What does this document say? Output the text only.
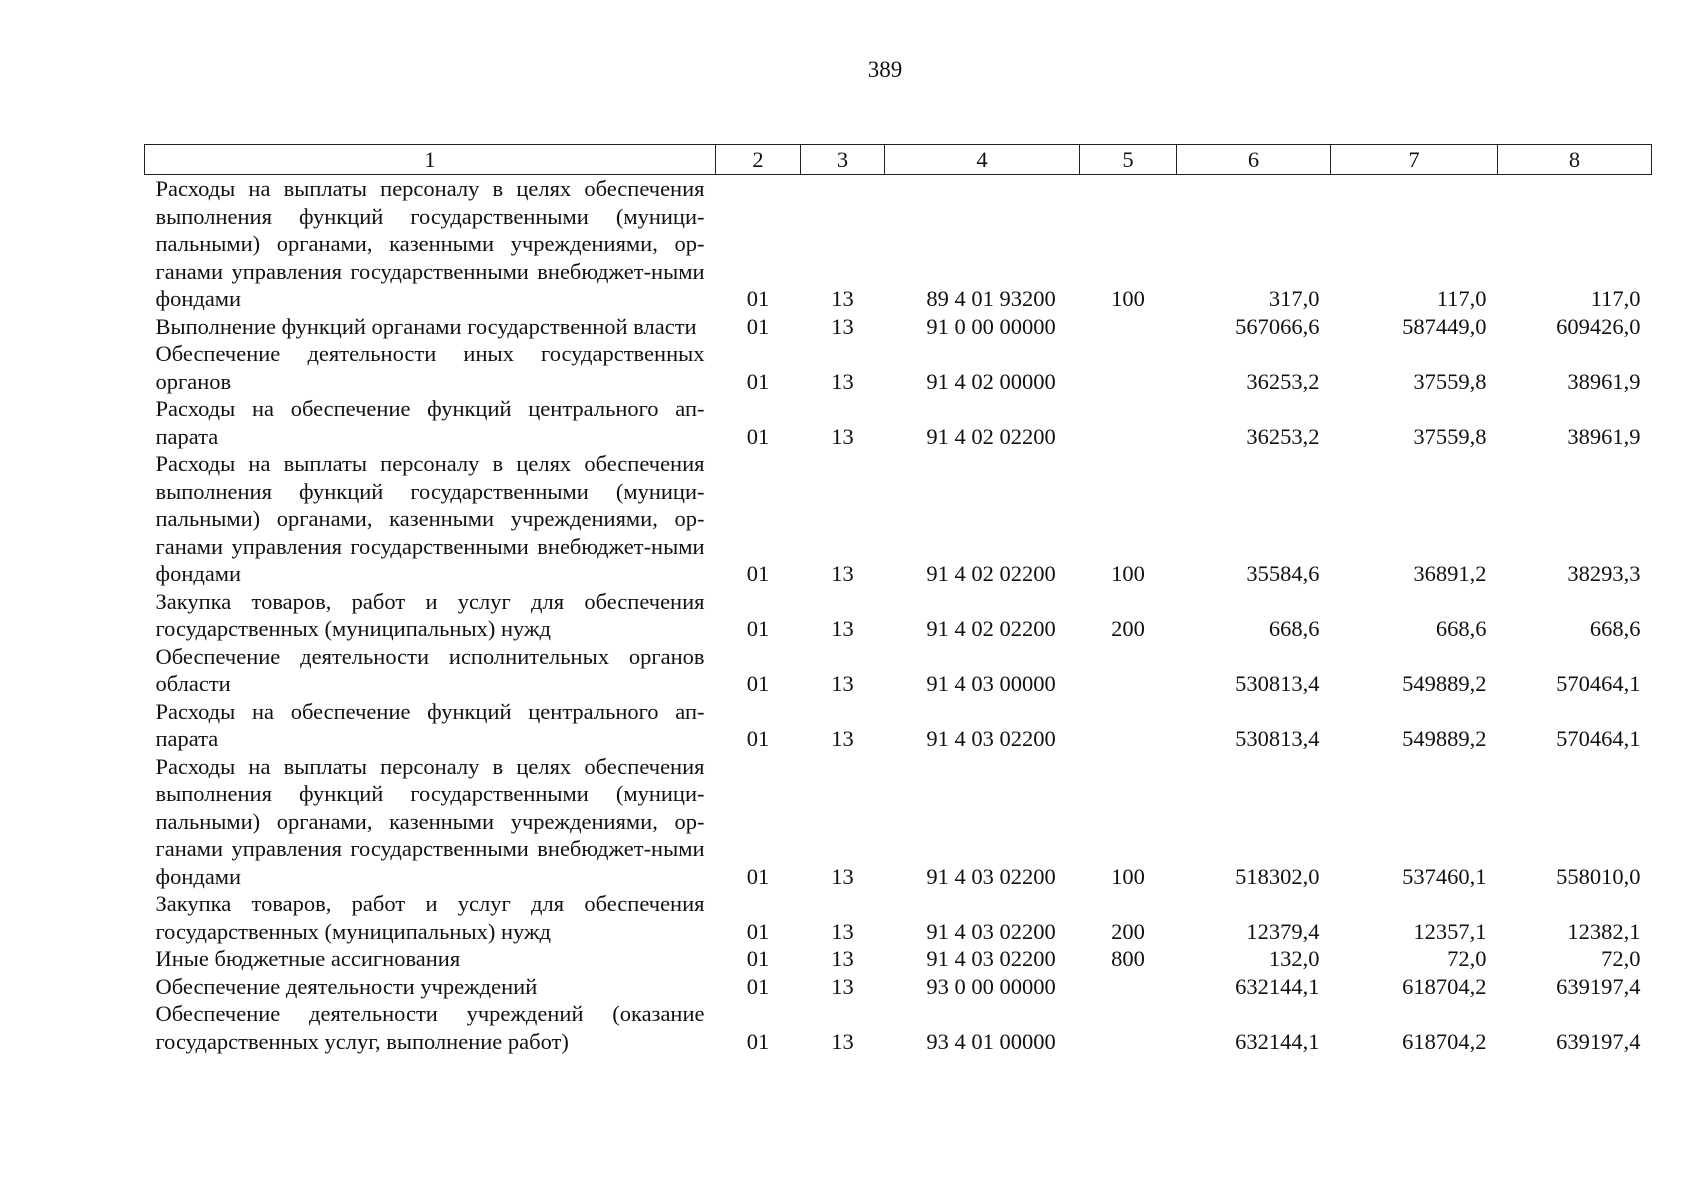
389
1	2	3	4	5	6	7	8
Расходы на выплаты персоналу в целях обеспечения выполнения функций государственными (муници-пальными) органами, казенными учреждениями, ор-ганами управления государственными внебюджет-ными фондами	01	13	89 4 01 93200	100	317,0	117,0	117,0
Выполнение функций органами государственной власти	01	13	91 0 00 00000		567066,6	587449,0	609426,0
Обеспечение деятельности иных государственных органов	01	13	91 4 02 00000		36253,2	37559,8	38961,9
Расходы на обеспечение функций центрального ап-парата	01	13	91 4 02 02200		36253,2	37559,8	38961,9
Расходы на выплаты персоналу в целях обеспечения выполнения функций государственными (муници-пальными) органами, казенными учреждениями, ор-ганами управления государственными внебюджет-ными фондами	01	13	91 4 02 02200	100	35584,6	36891,2	38293,3
Закупка товаров, работ и услуг для обеспечения государственных (муниципальных) нужд	01	13	91 4 02 02200	200	668,6	668,6	668,6
Обеспечение деятельности исполнительных органов области	01	13	91 4 03 00000		530813,4	549889,2	570464,1
Расходы на обеспечение функций центрального ап-парата	01	13	91 4 03 02200		530813,4	549889,2	570464,1
Расходы на выплаты персоналу в целях обеспечения выполнения функций государственными (муници-пальными) органами, казенными учреждениями, ор-ганами управления государственными внебюджет-ными фондами	01	13	91 4 03 02200	100	518302,0	537460,1	558010,0
Закупка товаров, работ и услуг для обеспечения государственных (муниципальных) нужд	01	13	91 4 03 02200	200	12379,4	12357,1	12382,1
Иные бюджетные ассигнования	01	13	91 4 03 02200	800	132,0	72,0	72,0
Обеспечение деятельности учреждений	01	13	93 0 00 00000		632144,1	618704,2	639197,4
Обеспечение деятельности учреждений (оказание государственных услуг, выполнение работ)	01	13	93 4 01 00000		632144,1	618704,2	639197,4
